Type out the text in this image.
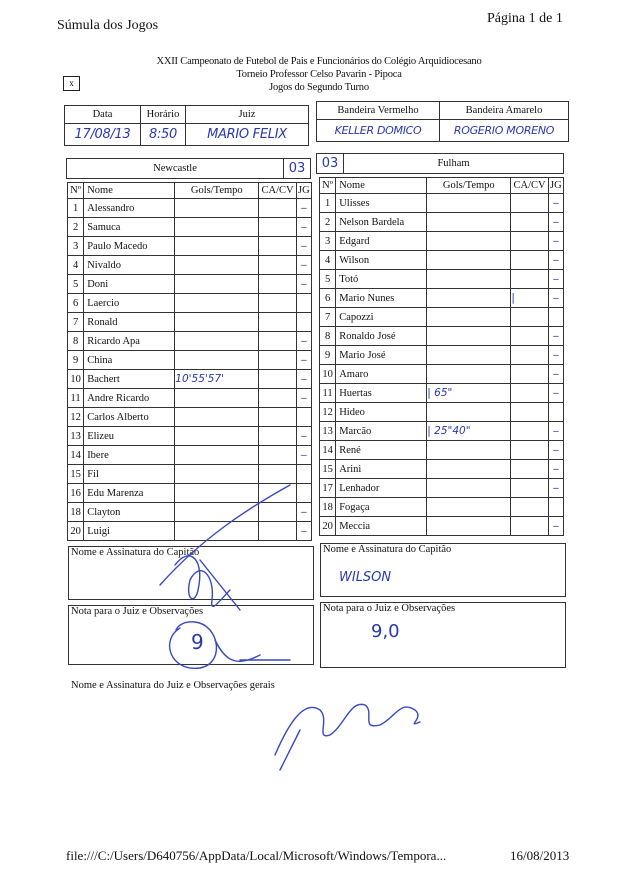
Súmula dos Jogos	Página 1 de 1
XXII Campeonato de Futebol de Pais e Funcionários do Colégio Arquidiocesano
Torneio Professor Celso Pavarin - Pipoca
Jogos do Segundo Turno
x
Data	Horário	Juiz
17/08/13	8:50	MARIO FELIX
Bandeira Vermelho	Bandeira Amarelo
KELLER DOMICO	ROGERIO MORENO
Newcastle	03 03	Fulham
Nº	Nome	Gols/Tempo	CA/CV	JG
1	Alessandro			–
2	Samuca			–
3	Paulo Macedo			–
4	Nivaldo			–
5	Doni			–
6	Laercio			
7	Ronald			
8	Ricardo Apa			–
9	China			–
10	Bachert	10'55'57'		–
11	Andre Ricardo			–
12	Carlos Alberto			
13	Elizeu			–
14	Ibere			–
15	Fil			
16	Edu Marenza			
18	Clayton			–
20	Luigi			–
Nº	Nome	Gols/Tempo	CA/CV	JG
1	Ulisses			–
2	Nelson Bardela			–
3	Edgard			–
4	Wilson			–
5	Totó			–
6	Mario Nunes		|	–
7	Capozzi			
8	Ronaldo José			–
9	Mario José			–
10	Amaro			–
11	Huertas	| 65"		–
12	Hideo			
13	Marcão	| 25"40"		–
14	René			–
15	Arini			–
17	Lenhador			–
18	Fogaça			
20	Meccia			–
Nome e Assinatura do Capitão
Nota para o Juiz e Observações
9
Nome e Assinatura do Capitão
WILSON
Nota para o Juiz e Observações
9,0
Nome e Assinatura do Juiz e Observações gerais
file:///C:/Users/D640756/AppData/Local/Microsoft/Windows/Tempora...	16/08/2013
